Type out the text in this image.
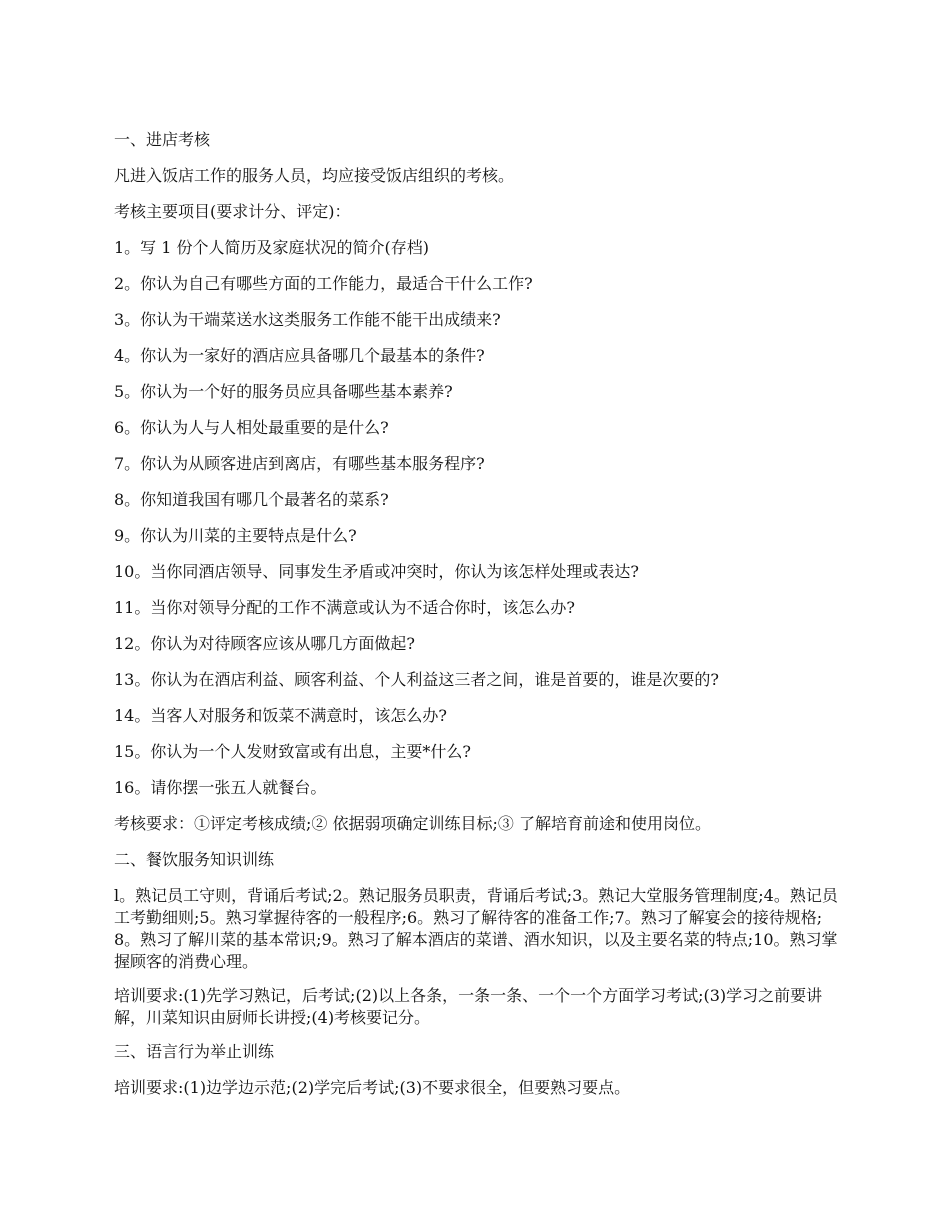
一、进店考核
凡进入饭店工作的服务人员，均应接受饭店组织的考核。
考核主要项目(要求计分、评定)：
1。写 1 份个人简历及家庭状况的简介(存档)
2。你认为自己有哪些方面的工作能力，最适合干什么工作?
3。你认为干端菜送水这类服务工作能不能干出成绩来?
4。你认为一家好的酒店应具备哪几个最基本的条件?
5。你认为一个好的服务员应具备哪些基本素养?
6。你认为人与人相处最重要的是什么?
7。你认为从顾客进店到离店，有哪些基本服务程序?
8。你知道我国有哪几个最著名的菜系?
9。你认为川菜的主要特点是什么?
10。当你同酒店领导、同事发生矛盾或冲突时，你认为该怎样处理或表达?
11。当你对领导分配的工作不满意或认为不适合你时，该怎么办?
12。你认为对待顾客应该从哪几方面做起?
13。你认为在酒店利益、顾客利益、个人利益这三者之间，谁是首要的，谁是次要的?
14。当客人对服务和饭菜不满意时，该怎么办?
15。你认为一个人发财致富或有出息，主要*什么?
16。请你摆一张五人就餐台。
考核要求：①评定考核成绩;② 依据弱项确定训练目标;③ 了解培育前途和使用岗位。
二、餐饮服务知识训练
l。熟记员工守则，背诵后考试;2。熟记服务员职责，背诵后考试;3。熟记大堂服务管理制度;4。熟记员工考勤细则;5。熟习掌握待客的一般程序;6。熟习了解待客的准备工作;7。熟习了解宴会的接待规格;8。熟习了解川菜的基本常识;9。熟习了解本酒店的菜谱、酒水知识，以及主要名菜的特点;10。熟习掌握顾客的消费心理。
培训要求:(1)先学习熟记，后考试;(2)以上各条，一条一条、一个一个方面学习考试;(3)学习之前要讲解，川菜知识由厨师长讲授;(4)考核要记分。
三、语言行为举止训练
培训要求:(1)边学边示范;(2)学完后考试;(3)不要求很全，但要熟习要点。
